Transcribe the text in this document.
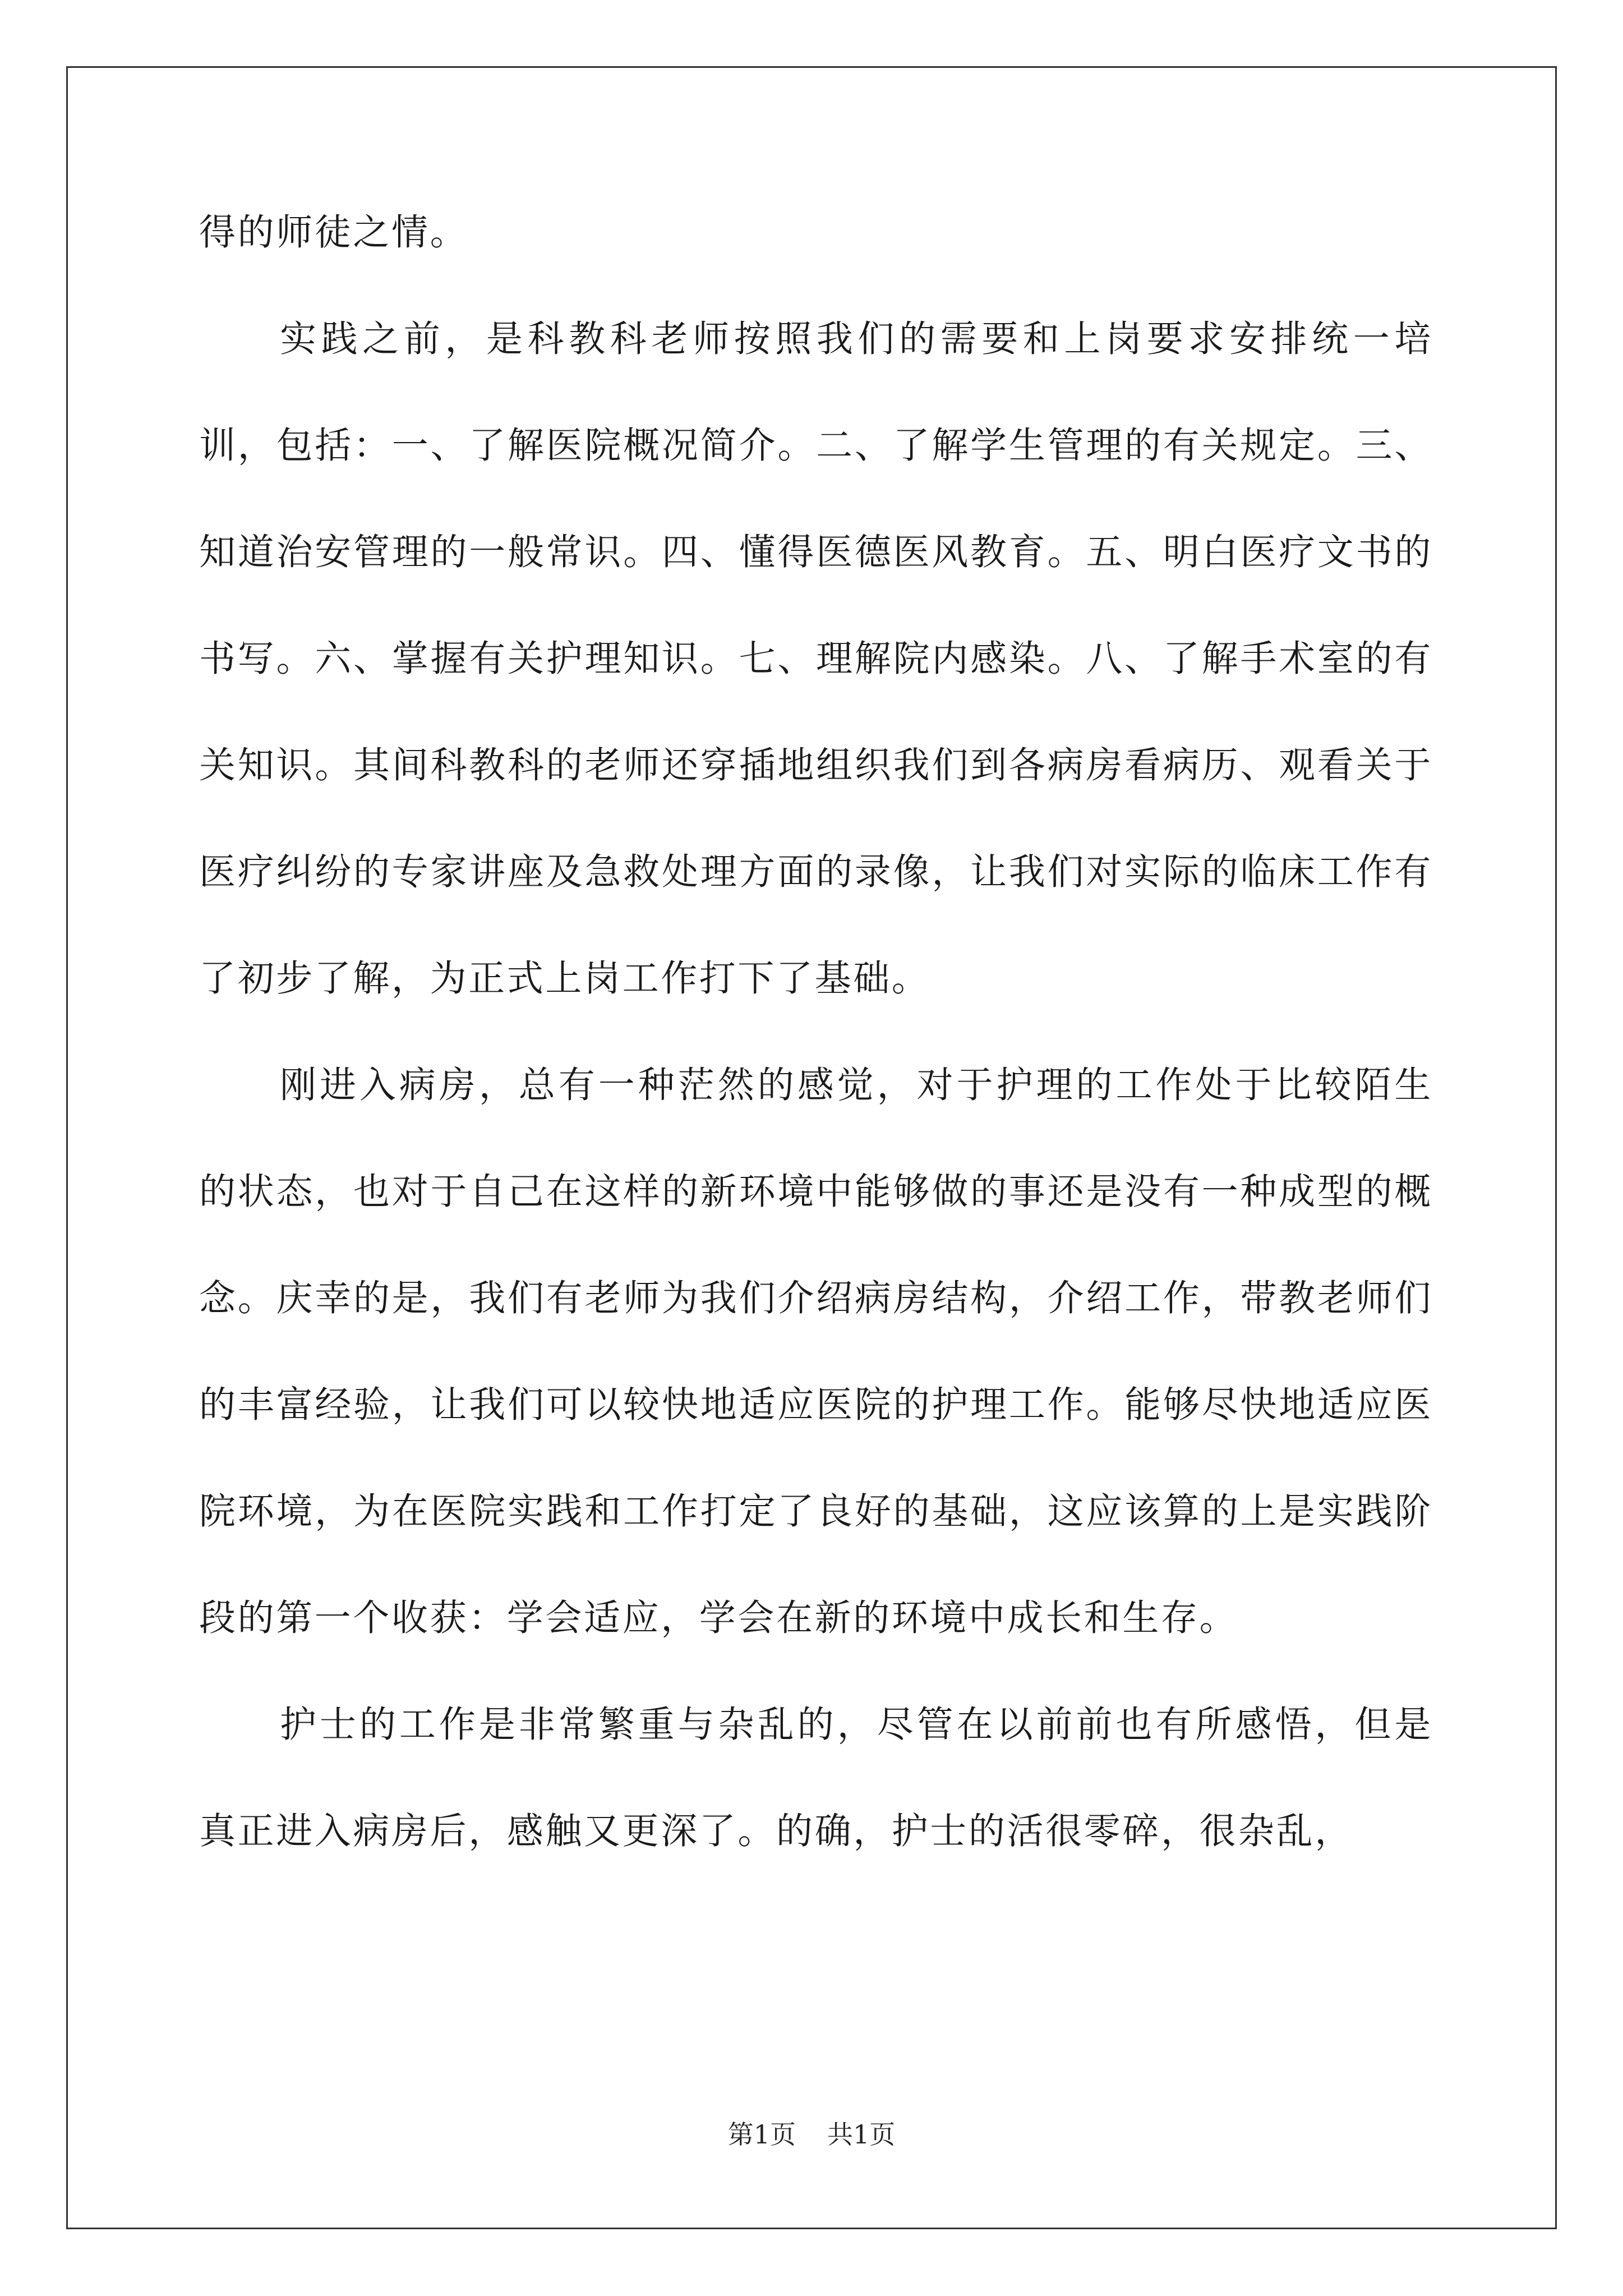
得的师徒之情。

实践之前，是科教科老师按照我们的需要和上岗要求安排统一培训，包括：一、了解医院概况简介。二、了解学生管理的有关规定。三、知道治安管理的一般常识。四、懂得医德医风教育。五、明白医疗文书的书写。六、掌握有关护理知识。七、理解院内感染。八、了解手术室的有关知识。其间科教科的老师还穿插地组织我们到各病房看病历、观看关于医疗纠纷的专家讲座及急救处理方面的录像，让我们对实际的临床工作有了初步了解，为正式上岗工作打下了基础。

刚进入病房，总有一种茫然的感觉，对于护理的工作处于比较陌生的状态，也对于自己在这样的新环境中能够做的事还是没有一种成型的概念。庆幸的是，我们有老师为我们介绍病房结构，介绍工作，带教老师们的丰富经验，让我们可以较快地适应医院的护理工作。能够尽快地适应医院环境，为在医院实践和工作打定了良好的基础，这应该算的上是实践阶段的第一个收获：学会适应，学会在新的环境中成长和生存。

护士的工作是非常繁重与杂乱的，尽管在以前前也有所感悟，但是真正进入病房后，感触又更深了。的确，护士的活很零碎，很杂乱，

第1页 共1页
